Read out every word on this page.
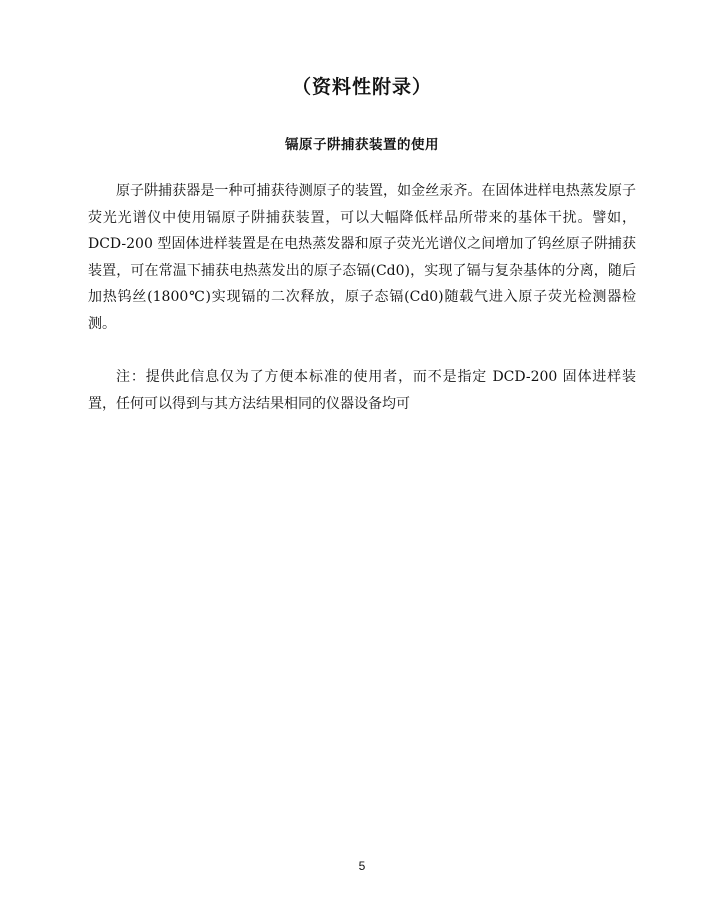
（资料性附录）
镉原子阱捕获装置的使用

原子阱捕获器是一种可捕获待测原子的装置，如金丝汞齐。在固体进样电热蒸发原子荧光光谱仪中使用镉原子阱捕获装置，可以大幅降低样品所带来的基体干扰。譬如，DCD-200 型固体进样装置是在电热蒸发器和原子荧光光谱仪之间增加了钨丝原子阱捕获装置，可在常温下捕获电热蒸发出的原子态镉(Cd0)，实现了镉与复杂基体的分离，随后加热钨丝(1800℃)实现镉的二次释放，原子态镉(Cd0)随载气进入原子荧光检测器检测。

注：提供此信息仅为了方便本标准的使用者，而不是指定 DCD-200 固体进样装置，任何可以得到与其方法结果相同的仪器设备均可

5
